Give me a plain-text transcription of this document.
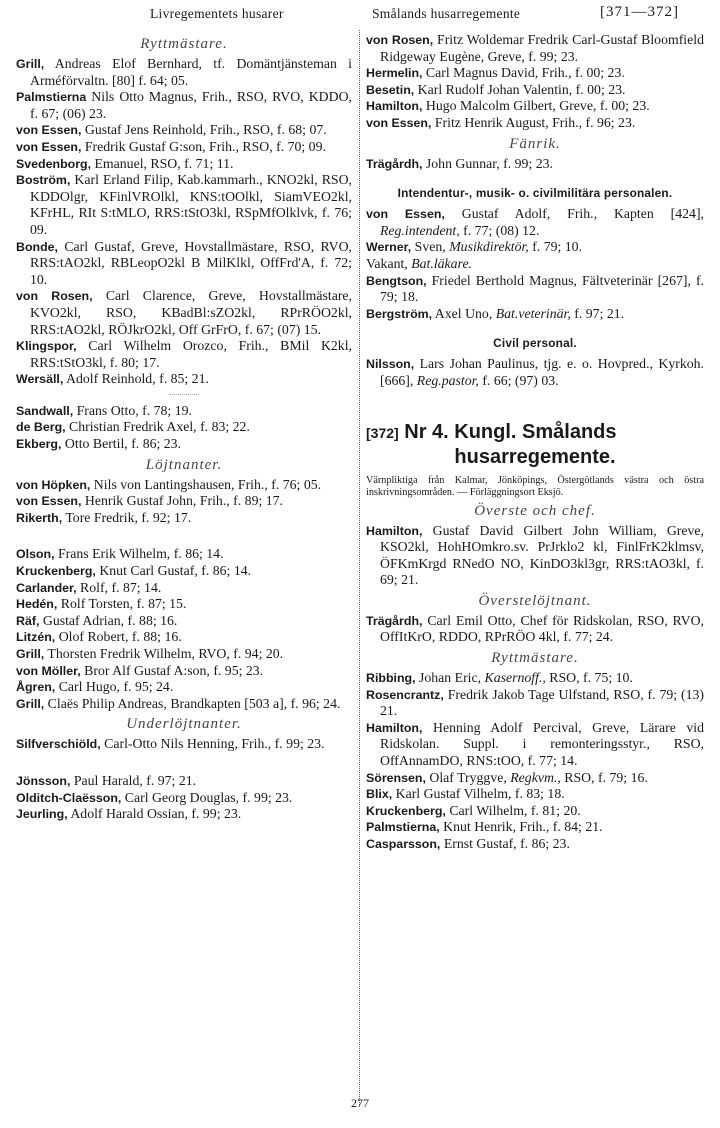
Livregementets husarer	Smålands husarregemente	[371—372]
Ryttmästare.

Grill, Andreas Elof Bernhard, tf. Domäntjänsteman i Arméförvaltn. [80] f. 64; 05.

Palmstierna Nils Otto Magnus, Frih., RSO, RVO, KDDO, f. 67; (06) 23.

von Essen, Gustaf Jens Reinhold, Frih., RSO, f. 68; 07.

von Essen, Fredrik Gustaf G:son, Frih., RSO, f. 70; 09.

Svedenborg, Emanuel, RSO, f. 71; 11.

Boström, Karl Erland Filip, Kab.kammarh., KNO2kl, RSO, KDDOlgr, KFinlVROlkl, KNS:tOOlkl, SiamVEO2kl, KFrHL, RIt S:tMLO, RRS:tStO3kl, RSpMfOlklvk, f. 76; 09.

Bonde, Carl Gustaf, Greve, Hovstallmästare, RSO, RVO, RRS:tAO2kl, RBLeopO2kl B MilKlkl, OffFrd'A, f. 72; 10.

von Rosen, Carl Clarence, Greve, Hovstallmästare, KVO2kl, RSO, KBadBl:sZO2kl, RPrRÖO2kl, RRS:tAO2kl, RÖJkrO2kl, Off GrFrO, f. 67; (07) 15.

Klingspor, Carl Wilhelm Orozco, Frih., BMil K2kl, RRS:tStO3kl, f. 80; 17.

Wersäll, Adolf Reinhold, f. 85; 21.

Sandwall, Frans Otto, f. 78; 19.

de Berg, Christian Fredrik Axel, f. 83; 22.

Ekberg, Otto Bertil, f. 86; 23.

Löjtnanter.

von Höpken, Nils von Lantingshausen, Frih., f. 76; 05.

von Essen, Henrik Gustaf John, Frih., f. 89; 17.

Rikerth, Tore Fredrik, f. 92; 17.

Olson, Frans Erik Wilhelm, f. 86; 14.

Kruckenberg, Knut Carl Gustaf, f. 86; 14.

Carlander, Rolf, f. 87; 14.

Hedén, Rolf Torsten, f. 87; 15.

Räf, Gustaf Adrian, f. 88; 16.

Litzén, Olof Robert, f. 88; 16.

Grill, Thorsten Fredrik Wilhelm, RVO, f. 94; 20.

von Möller, Bror Alf Gustaf A:son, f. 95; 23.

Ågren, Carl Hugo, f. 95; 24.

Grill, Claës Philip Andreas, Brandkapten [503 a], f. 96; 24.

Underlöjtnanter.

Silfverschiöld, Carl-Otto Nils Henning, Frih., f. 99; 23.

Jönsson, Paul Harald, f. 97; 21.

Olditch-Claësson, Carl Georg Douglas, f. 99; 23.

Jeurling, Adolf Harald Ossian, f. 99; 23.

von Rosen, Fritz Woldemar Fredrik Carl-Gustaf Bloomfield Ridgeway Eugène, Greve, f. 99; 23.

Hermelin, Carl Magnus David, Frih., f. 00; 23.

Besetin, Karl Rudolf Johan Valentin, f. 00; 23.

Hamilton, Hugo Malcolm Gilbert, Greve, f. 00; 23.

von Essen, Fritz Henrik August, Frih., f. 96; 23.

Fänrik.

Trägårdh, John Gunnar, f. 99; 23.

Intendentur-, musik- o. civilmilitära personalen.

von Essen, Gustaf Adolf, Frih., Kapten [424], Reg.intendent, f. 77; (08) 12.

Werner, Sven, Musikdirektör, f. 79; 10.

Vakant, Bat.läkare.

Bengtson, Friedel Berthold Magnus, Fältveterinär [267], f. 79; 18.

Bergström, Axel Uno, Bat.veterinär, f. 97; 21.

Civil personal.

Nilsson, Lars Johan Paulinus, tjg. e. o. Hovpred., Kyrkoh. [666], Reg.pastor, f. 66; (97) 03.

[372] Nr 4. Kungl. Smålands
husarregemente.
Värnpliktiga från Kalmar, Jönköpings, Östergötlands västra och östra inskrivningsområden. — Förläggningsort Eksjö.
Överste och chef.

Hamilton, Gustaf David Gilbert John William, Greve, KSO2kl, HohHOmkro.sv. PrJrklo2 kl, FinlFrK2klmsv, ÖFKmKrgd RNedO NO, KinDO3kl3gr, RRS:tAO3kl, f. 69; 21.

Överstelöjtnant.

Trägårdh, Carl Emil Otto, Chef för Ridskolan, RSO, RVO, OffItKrO, RDDO, RPrRÖO 4kl, f. 77; 24.

Ryttmästare.

Ribbing, Johan Eric, Kasernoff., RSO, f. 75; 10.

Rosencrantz, Fredrik Jakob Tage Ulfstand, RSO, f. 79; (13) 21.

Hamilton, Henning Adolf Percival, Greve, Lärare vid Ridskolan. Suppl. i remonteringsstyr., RSO, OffAnnamDO, RNS:tOO, f. 77; 14.

Sörensen, Olaf Tryggve, Regkvm., RSO, f. 79; 16.

Blix, Karl Gustaf Vilhelm, f. 83; 18.

Kruckenberg, Carl Wilhelm, f. 81; 20.

Palmstierna, Knut Henrik, Frih., f. 84; 21.

Casparsson, Ernst Gustaf, f. 86; 23.

277
